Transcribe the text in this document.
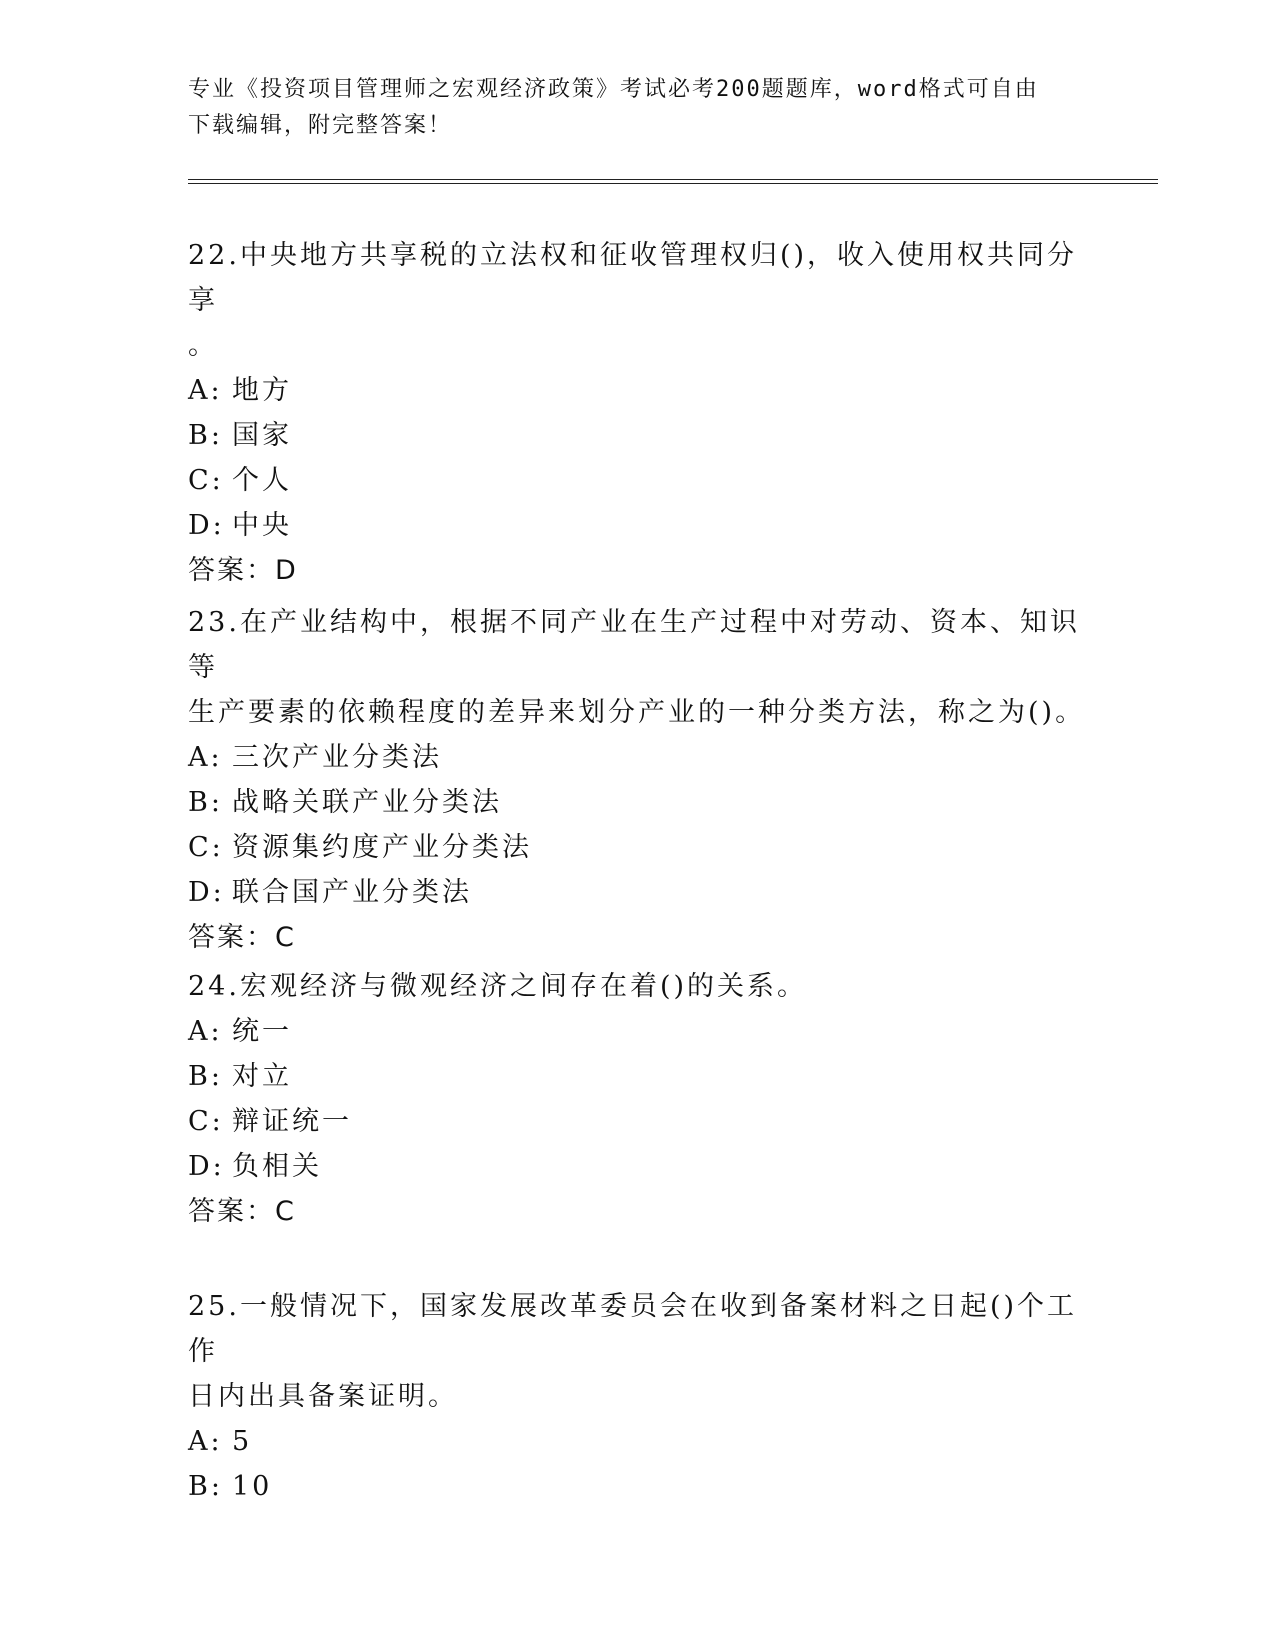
专业《投资项目管理师之宏观经济政策》考试必考200题题库，word格式可自由
下载编辑，附完整答案！

22.中央地方共享税的立法权和征收管理权归()，收入使用权共同分享

。

A: 地方

B: 国家

C: 个人

D: 中央

答案：D

23.在产业结构中，根据不同产业在生产过程中对劳动、资本、知识等

生产要素的依赖程度的差异来划分产业的一种分类方法，称之为()。

A: 三次产业分类法

B: 战略关联产业分类法

C: 资源集约度产业分类法

D: 联合国产业分类法

答案：C

24.宏观经济与微观经济之间存在着()的关系。

A: 统一

B: 对立

C: 辩证统一

D: 负相关

答案：C

25.一般情况下，国家发展改革委员会在收到备案材料之日起()个工作

日内出具备案证明。

A: 5

B: 10
